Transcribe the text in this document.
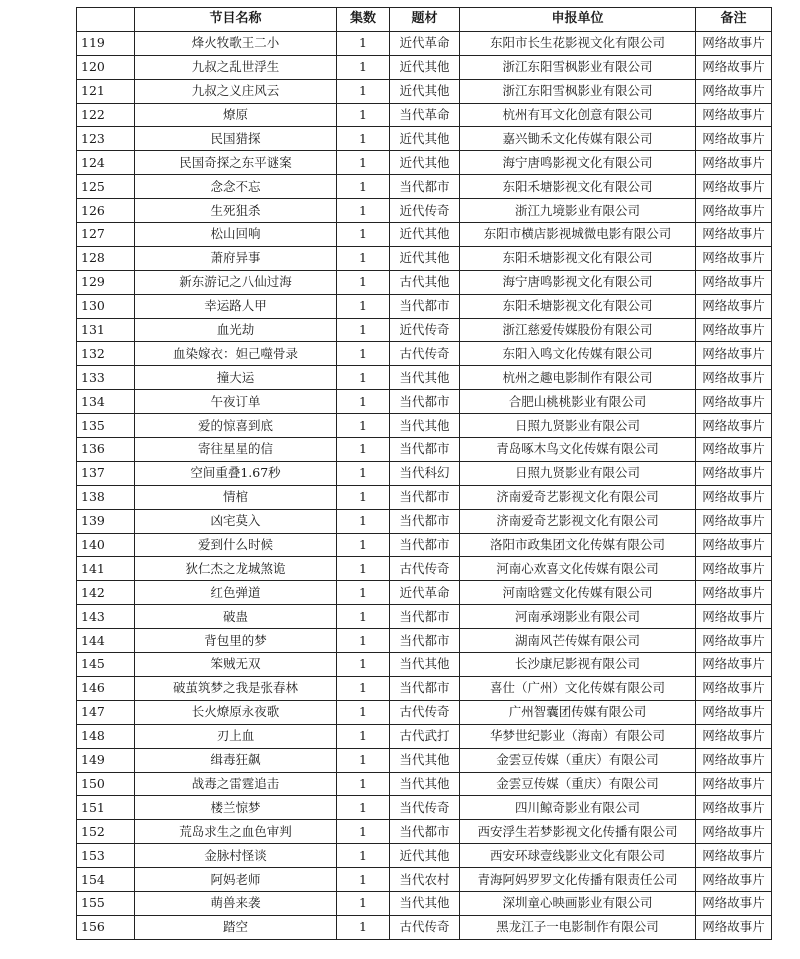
	节目名称	集数	题材	申报单位	备注
119	烽火牧歌王二小	1	近代革命	东阳市长生花影视文化有限公司	网络故事片
120	九叔之乱世浮生	1	近代其他	浙江东阳雪枫影业有限公司	网络故事片
121	九叔之义庄风云	1	近代其他	浙江东阳雪枫影业有限公司	网络故事片
122	燎原	1	当代革命	杭州有耳文化创意有限公司	网络故事片
123	民国猎探	1	近代其他	嘉兴锄禾文化传媒有限公司	网络故事片
124	民国奇探之东平谜案	1	近代其他	海宁唐鸣影视文化有限公司	网络故事片
125	念念不忘	1	当代都市	东阳禾塘影视文化有限公司	网络故事片
126	生死狙杀	1	近代传奇	浙江九境影业有限公司	网络故事片
127	松山回响	1	近代其他	东阳市横店影视城微电影有限公司	网络故事片
128	萧府异事	1	近代其他	东阳禾塘影视文化有限公司	网络故事片
129	新东游记之八仙过海	1	古代其他	海宁唐鸣影视文化有限公司	网络故事片
130	幸运路人甲	1	当代都市	东阳禾塘影视文化有限公司	网络故事片
131	血光劫	1	近代传奇	浙江慈爱传媒股份有限公司	网络故事片
132	血染嫁衣：妲己噬骨录	1	古代传奇	东阳入鸣文化传媒有限公司	网络故事片
133	撞大运	1	当代其他	杭州之趣电影制作有限公司	网络故事片
134	午夜订单	1	当代都市	合肥山桃桃影业有限公司	网络故事片
135	爱的惊喜到底	1	当代其他	日照九贤影业有限公司	网络故事片
136	寄往星星的信	1	当代都市	青岛啄木鸟文化传媒有限公司	网络故事片
137	空间重叠1.67秒	1	当代科幻	日照九贤影业有限公司	网络故事片
138	情棺	1	当代都市	济南爱奇艺影视文化有限公司	网络故事片
139	凶宅莫入	1	当代都市	济南爱奇艺影视文化有限公司	网络故事片
140	爱到什么时候	1	当代都市	洛阳市政集团文化传媒有限公司	网络故事片
141	狄仁杰之龙城煞诡	1	古代传奇	河南心欢喜文化传媒有限公司	网络故事片
142	红色弹道	1	近代革命	河南晗霆文化传媒有限公司	网络故事片
143	破蛊	1	当代都市	河南承翊影业有限公司	网络故事片
144	背包里的梦	1	当代都市	湖南风芒传媒有限公司	网络故事片
145	笨贼无双	1	当代其他	长沙康尼影视有限公司	网络故事片
146	破茧筑梦之我是张春林	1	当代都市	喜仕（广州）文化传媒有限公司	网络故事片
147	长火燎原永夜歌	1	古代传奇	广州智囊团传媒有限公司	网络故事片
148	刃上血	1	古代武打	华梦世纪影业（海南）有限公司	网络故事片
149	缉毒狂飙	1	当代其他	金雲豆传媒（重庆）有限公司	网络故事片
150	战毒之雷霆追击	1	当代其他	金雲豆传媒（重庆）有限公司	网络故事片
151	楼兰惊梦	1	当代传奇	四川鲸奇影业有限公司	网络故事片
152	荒岛求生之血色审判	1	当代都市	西安浮生若梦影视文化传播有限公司	网络故事片
153	金脉村怪谈	1	近代其他	西安环球壹线影业文化有限公司	网络故事片
154	阿妈老师	1	当代农村	青海阿妈罗罗文化传播有限责任公司	网络故事片
155	萌兽来袭	1	当代其他	深圳童心映画影业有限公司	网络故事片
156	踏空	1	古代传奇	黑龙江子一电影制作有限公司	网络故事片
